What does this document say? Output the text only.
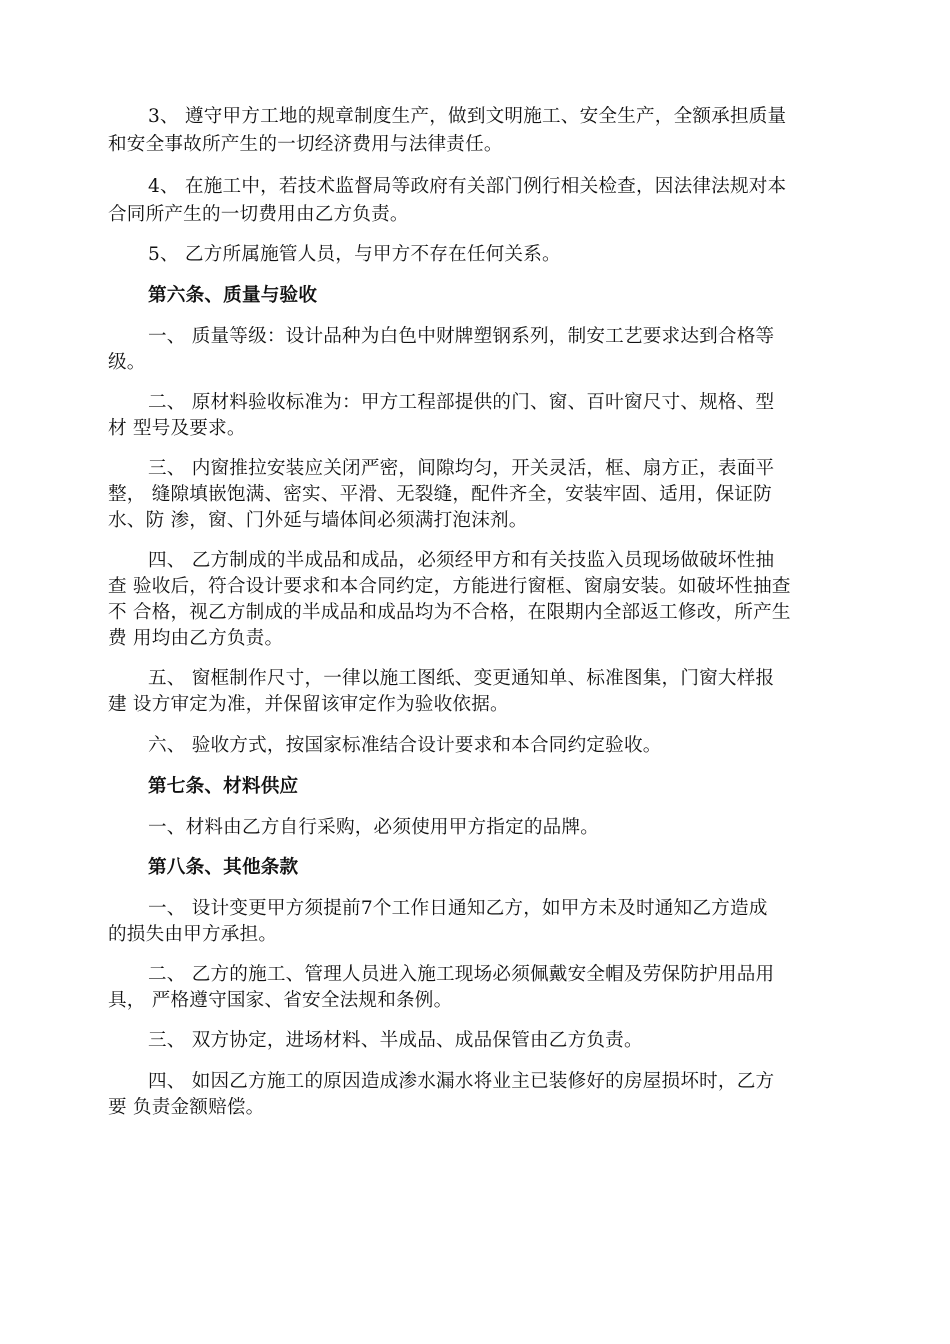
3、 遵守甲方工地的规章制度生产，做到文明施工、安全生产，全额承担质量
和安全事故所产生的一切经济费用与法律责任。
4、 在施工中，若技术监督局等政府有关部门例行相关检查，因法律法规对本
合同所产生的一切费用由乙方负责。
5、 乙方所属施管人员，与甲方不存在任何关系。
第六条、质量与验收
一、 质量等级：设计品种为白色中财牌塑钢系列，制安工艺要求达到合格等
级。
二、 原材料验收标准为：甲方工程部提供的门、窗、百叶窗尺寸、规格、型
材 型号及要求。
三、 内窗推拉安装应关闭严密，间隙均匀，开关灵活，框、扇方正，表面平
整， 缝隙填嵌饱满、密实、平滑、无裂缝，配件齐全，安装牢固、适用，保证防
水、防 渗，窗、门外延与墙体间必须满打泡沫剂。
四、 乙方制成的半成品和成品，必须经甲方和有关技监入员现场做破坏性抽
查 验收后，符合设计要求和本合同约定，方能进行窗框、窗扇安装。如破坏性抽查
不 合格，视乙方制成的半成品和成品均为不合格，在限期内全部返工修改，所产生
费 用均由乙方负责。
五、 窗框制作尺寸，一律以施工图纸、变更通知单、标准图集，门窗大样报
建 设方审定为准，并保留该审定作为验收依据。
六、 验收方式，按国家标准结合设计要求和本合同约定验收。
第七条、材料供应
一、材料由乙方自行采购，必须使用甲方指定的品牌。
第八条、其他条款
一、 设计变更甲方须提前7个工作日通知乙方，如甲方未及时通知乙方造成
的损失由甲方承担。
二、 乙方的施工、管理人员进入施工现场必须佩戴安全帽及劳保防护用品用
具， 严格遵守国家、省安全法规和条例。
三、 双方协定，进场材料、半成品、成品保管由乙方负责。
四、 如因乙方施工的原因造成渗水漏水将业主已装修好的房屋损坏时，乙方
要 负责金额赔偿。
